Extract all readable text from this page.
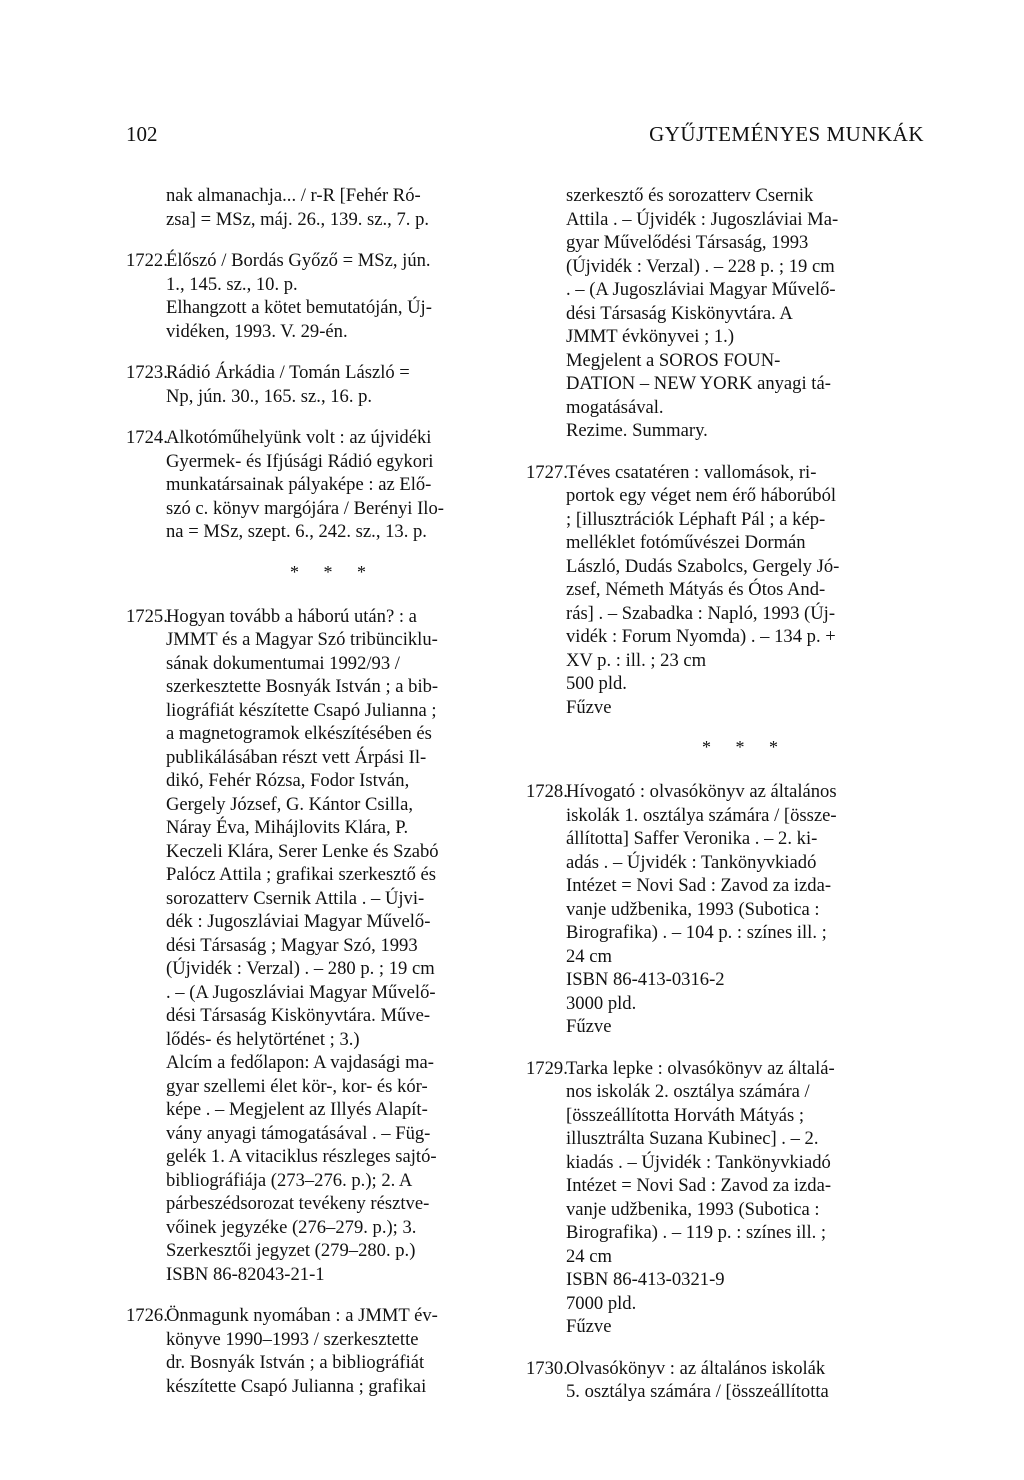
102	GYŰJTEMÉNYES MUNKÁK
nak almanachja... / r-R [Fehér Ró-
zsa] = MSz, máj. 26., 139. sz., 7. p.
1722.
Élőszó / Bordás Győző = MSz, jún.
1., 145. sz., 10. p.
Elhangzott a kötet bemutatóján, Új-
vidéken, 1993. V. 29-én.
1723.
Rádió Árkádia / Tomán László =
Np, jún. 30., 165. sz., 16. p.
1724.
Alkotóműhelyünk volt : az újvidéki
Gyermek- és Ifjúsági Rádió egykori
munkatársainak pályaképe : az Elő-
szó c. könyv margójára / Berényi Ilo-
na = MSz, szept. 6., 242. sz., 13. p.
* * *
1725.
Hogyan tovább a háború után? : a
JMMT és a Magyar Szó tribünciklu-
sának dokumentumai 1992/93 /
szerkesztette Bosnyák István ; a bib-
liográfiát készítette Csapó Julianna ;
a magnetogramok elkészítésében és
publikálásában részt vett Árpási Il-
dikó, Fehér Rózsa, Fodor István,
Gergely József, G. Kántor Csilla,
Náray Éva, Mihájlovits Klára, P.
Keczeli Klára, Serer Lenke és Szabó
Palócz Attila ; grafikai szerkesztő és
sorozatterv Csernik Attila . – Újvi-
dék : Jugoszláviai Magyar Művelő-
dési Társaság ; Magyar Szó, 1993
(Újvidék : Verzal) . – 280 p. ; 19 cm
. – (A Jugoszláviai Magyar Művelő-
dési Társaság Kiskönyvtára. Műve-
lődés- és helytörténet ; 3.)
Alcím a fedőlapon: A vajdasági ma-
gyar szellemi élet kör-, kor- és kór-
képe . – Megjelent az Illyés Alapít-
vány anyagi támogatásával . – Füg-
gelék 1. A vitaciklus részleges sajtó-
bibliográfiája (273–276. p.); 2. A
párbeszédsorozat tevékeny résztve-
vőinek jegyzéke (276–279. p.); 3.
Szerkesztői jegyzet (279–280. p.)
ISBN 86-82043-21-1
1726.
Önmagunk nyomában : a JMMT év-
könyve 1990–1993 / szerkesztette
dr. Bosnyák István ; a bibliográfiát
készítette Csapó Julianna ; grafikai
szerkesztő és sorozatterv Csernik
Attila . – Újvidék : Jugoszláviai Ma-
gyar Művelődési Társaság, 1993
(Újvidék : Verzal) . – 228 p. ; 19 cm
. – (A Jugoszláviai Magyar Művelő-
dési Társaság Kiskönyvtára. A
JMMT évkönyvei ; 1.)
Megjelent a SOROS FOUN-
DATION – NEW YORK anyagi tá-
mogatásával.
Rezime. Summary.
1727.
Téves csatatéren : vallomások, ri-
portok egy véget nem érő háborúból
; [illusztrációk Léphaft Pál ; a kép-
melléklet fotóművészei Dormán
László, Dudás Szabolcs, Gergely Jó-
zsef, Németh Mátyás és Ótos And-
rás] . – Szabadka : Napló, 1993 (Új-
vidék : Forum Nyomda) . – 134 p. +
XV p. : ill. ; 23 cm
500 pld.
Fűzve
* * *
1728.
Hívogató : olvasókönyv az általános
iskolák 1. osztálya számára / [össze-
állította] Saffer Veronika . – 2. ki-
adás . – Újvidék : Tankönyvkiadó
Intézet = Novi Sad : Zavod za izda-
vanje udžbenika, 1993 (Subotica :
Birografika) . – 104 p. : színes ill. ;
24 cm
ISBN 86-413-0316-2
3000 pld.
Fűzve
1729.
Tarka lepke : olvasókönyv az általá-
nos iskolák 2. osztálya számára /
[összeállította Horváth Mátyás ;
illusztrálta Suzana Kubinec] . – 2.
kiadás . – Újvidék : Tankönyvkiadó
Intézet = Novi Sad : Zavod za izda-
vanje udžbenika, 1993 (Subotica :
Birografika) . – 119 p. : színes ill. ;
24 cm
ISBN 86-413-0321-9
7000 pld.
Fűzve
1730.
Olvasókönyv : az általános iskolák
5. osztálya számára / [összeállította
